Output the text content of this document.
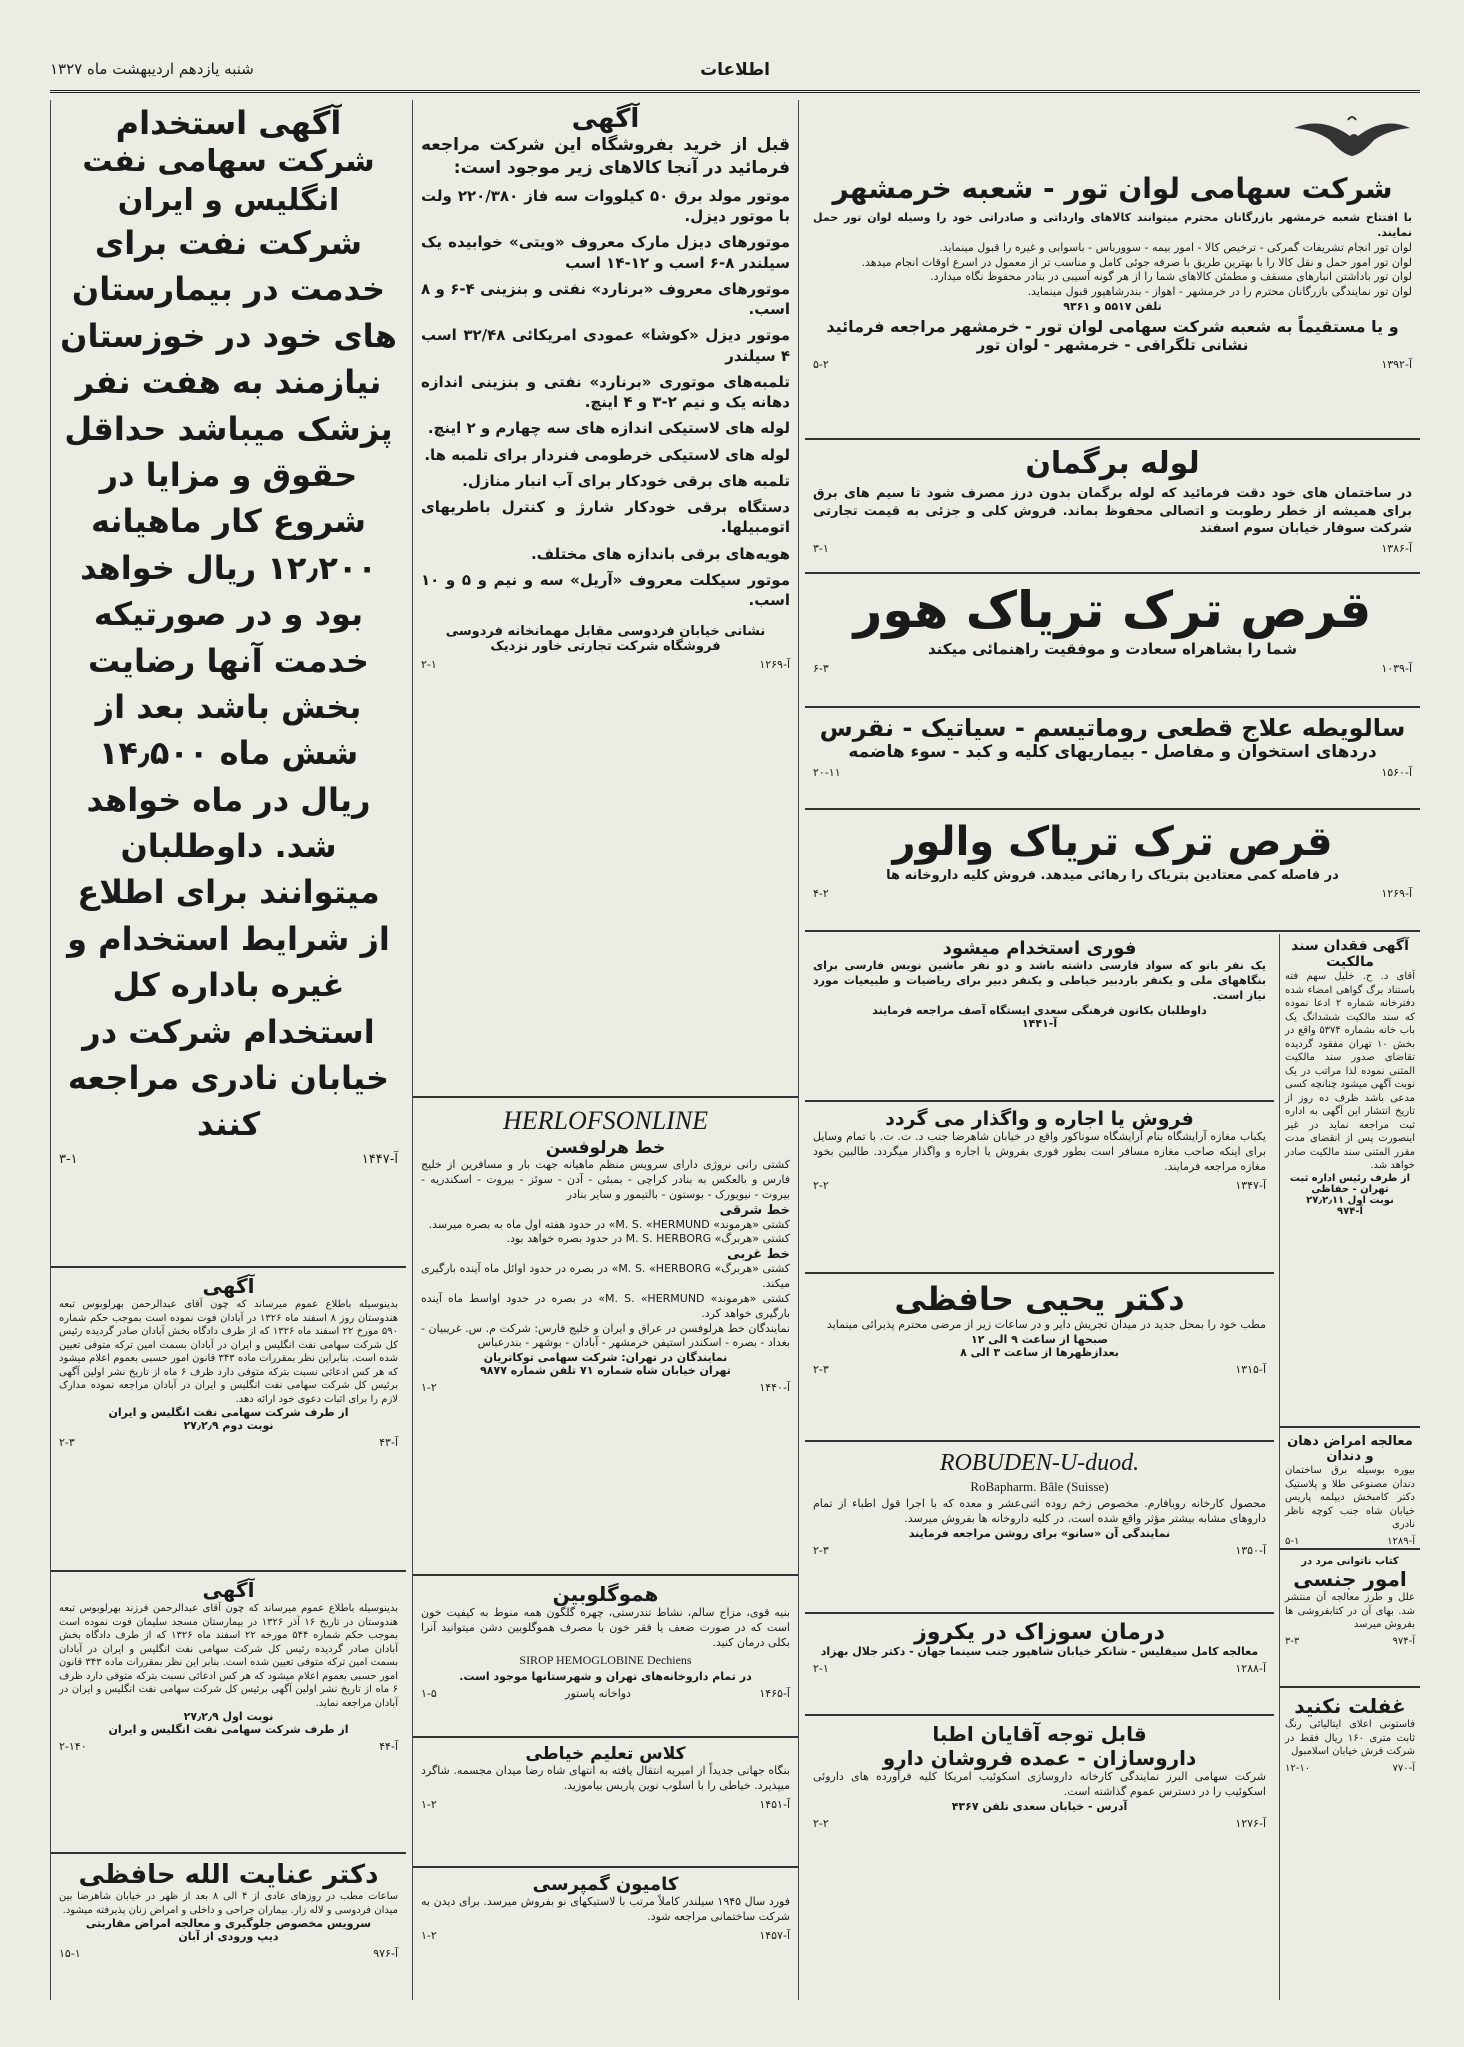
اطلاعات
شنبه یازدهم اردیبهشت ماه ۱۳۲۷

شرکت سهامی لوان تور - شعبه خرمشهر

با افتتاح شعبه خرمشهر بازرگانان محترم میتوانند کالاهای وارداتی و صادراتی خود را وسیله لوان تور حمل نمایند.

لوان تور انجام تشریفات گمرکی - ترخیص کالا - امور بیمه - سوورباس - باسوابی و غیره را قبول مینماید.

لوان تور امور حمل و نقل کالا را با بهترین طریق با صرفه جوئی کامل و مناسب تر از معمول در اسرع اوقات انجام میدهد.

لوان تور باداشتن انبارهای مسقف و مطمئن کالاهای شما را از هر گونه آسیبی در بنادر محفوظ نگاه میدارد.

لوان تور نمایندگی بازرگانان محترم را در خرمشهر - اهواز - بندرشاهپور قبول مینماید.

تلفن ۵۵۱۷ و ۹۳۶۱

و یا مستقیماً به شعبه شرکت سهامی لوان تور - خرمشهر مراجعه فرمائید

نشانی تلگرافی - خرمشهر - لوان تور

۵-۲	آ-۱۳۹۲

لوله برگمان

در ساختمان های خود دقت فرمائید که لوله برگمان بدون درز مصرف شود تا سیم های برق برای همیشه از خطر رطوبت و اتصالی محفوظ بماند. فروش کلی و جزئی به قیمت تجارتی شرکت سوفار خیابان سوم اسفند

۳-۱	آ-۱۳۸۶

قرص ترک تریاک هور

شما را بشاهراه سعادت و موفقیت راهنمائی میکند

۶-۳	آ-۱۰۳۹

سالویطه علاج قطعی روماتیسم - سیاتیک - نقرس

دردهای استخوان و مفاصل - بیماریهای کلیه و کبد - سوء هاضمه

۲۰-۱۱	آ-۱۵۶۰

قرص ترک تریاک والور

در فاصله کمی معتادین بتریاک را رهائی میدهد. فروش کلیه داروخانه ها

۴-۲	آ-۱۲۶۹

آگهی فقدان سند مالکیت

آقای د. ح. خلیل سهم فته باستناد برگ گواهی امضاء شده دفترخانه شماره ۲ ادعا نموده که سند مالکیت ششدانگ یک باب خانه بشماره ۵۳۷۴ واقع در بخش ۱۰ تهران مفقود گردیده تقاضای صدور سند مالکیت المثنی نموده لذا مراتب در یک نوبت آگهی میشود چنانچه کسی مدعی باشد ظرف ده روز از تاریخ انتشار این آگهی به اداره ثبت مراجعه نماید در غیر اینصورت پس از انقضای مدت مقرر المثنی سند مالکیت صادر خواهد شد.

از طرف رئیس اداره ثبت تهران - حفاظی

نوبت اول ۲۷٫۲٫۱۱

آ-۹۷۴

معالجه امراض دهان و دندان

بیوره بوسیله برق ساختمان دندان مصنوعی طلا و پلاستیک دکتر کامبخش دیپلمه پاریس خیابان شاه جنب کوچه ناظر نادری

۵-۱	آ-۱۲۸۹

کتاب ناتوانی مرد در

امور جنسی

علل و طرز معالجه آن منتشر شد. بهای آن در کتابفروشی ها بفروش میرسد

۳-۳	آ-۹۷۴

غفلت نکنید

فاستونی اعلای ایتالیائی رنگ ثابت متری ۱۶۰ ریال فقط در شرکت فرش خیابان اسلامبول

۱۲-۱۰	آ-۷۷۰

فوری استخدام میشود

یک نفر بانو که سواد فارسی داشته باشد و دو نفر ماشین نویس فارسی برای بنگاههای ملی و یکنفر باردبیر خیاطی و یکنفر دبیر برای ریاضیات و طبیعیات مورد نیاز است.

داوطلبان بکانون فرهنگی سعدی ایستگاه آصف مراجعه فرمایند

آ-۱۴۴۱

فروش یا اجاره و واگذار می گردد

یکباب مغازه آرایشگاه بنام آرایشگاه سوناکور واقع در خیابان شاهرضا جنب د. ت. ت. با تمام وسایل برای اینکه صاحب مغازه مسافر است بطور فوری بفروش یا اجاره و واگذار میگردد. طالبین بخود مغازه مراجعه فرمایند.

۲-۲	آ-۱۳۴۷

دکتر یحیی حافظی

مطب خود را بمحل جدید در میدان تجریش دایر و در ساعات زیر از مرضی محترم پذیرائی مینماید

صبحها از ساعت ۹ الی ۱۲

بعدازظهرها از ساعت ۳ الی ۸

۲-۳	آ-۱۳۱۵

ROBUDEN-U-duod.

RoBapharm. Bâle (Suisse)

محصول کارخانه روبافارم. مخصوص زخم روده اثنی‌عشر و معده که با اجرا قول اطباء از تمام داروهای مشابه بیشتر مؤثر واقع شده است. در کلیه داروخانه ها بفروش میرسد.

نمایندگی آن «سانو» برای روشن مراجعه فرمایند

۲-۳	آ-۱۳۵۰

درمان سوزاک در یکروز

معالجه کامل سیفلیس - شانکر خیابان شاهپور جنب سینما جهان - دکتر جلال بهزاد

۲-۱	آ-۱۲۸۸

قابل توجه آقایان اطبا

داروسازان - عمده فروشان دارو

شرکت سهامی البرز نمایندگی کارخانه داروسازی اسکوئیب امریکا کلیه فرآورده های داروئی اسکوئیب را در دسترس عموم گذاشته است.

آدرس - خیابان سعدی تلفن ۴۳۶۷

۲-۲	آ-۱۲۷۶

آگهی

قبل از خرید بفروشگاه این شرکت مراجعه فرمائید در آنجا کالاهای زیر موجود است:

موتور مولد برق ۵۰ کیلووات سه فاز ۲۲۰/۳۸۰ ولت با موتور دیزل.

موتورهای دیزل مارک معروف «ویتی» خوابیده یک سیلندر ۸-۶ اسب و ۱۲-۱۴ اسب

موتورهای معروف «برنارد» نفتی و بنزینی ۴-۶ و ۸ اسب.

موتور دیزل «کوشا» عمودی امریکائی ۳۲/۴۸ اسب ۴ سیلندر

تلمبه‌های موتوری «برنارد» نفتی و بنزینی اندازه دهانه یک و نیم ۲-۳ و ۴ اینچ.

لوله های لاستیکی اندازه های سه چهارم و ۲ اینچ.

لوله های لاستیکی خرطومی فنردار برای تلمبه ها.

تلمبه های برقی خودکار برای آب انبار منازل.

دستگاه برقی خودکار شارژ و کنترل باطریهای اتومبیلها.

هویه‌های برقی باندازه های مختلف.

موتور سیکلت معروف «آریل» سه و نیم و ۵ و ۱۰ اسب.

نشانی خیابان فردوسی مقابل مهمانخانه فردوسی

فروشگاه شرکت تجارتی خاور نزدیک

۲-۱	آ-۱۲۶۹

HERLOFSONLINE

خط هرلوفسن

کشتی رانی نروژی دارای سرویس منظم ماهیانه جهت بار و مسافرین از خلیج فارس و بالعکس به بنادر کراچی - بمبئی - آدن - سوئز - بیروت - اسکندریه - بیروت - نیویورک - بوستون - بالتیمور و سایر بنادر

خط شرقی

کشتی «هرموند» M. S. «HERMUND» در حدود هفته اول ماه به بصره میرسد.

کشتی «هربرگ» M. S. HERBORG در حدود بصره خواهد بود.

خط غربی

کشتی «هربرگ» M. S. «HERBORG» در بصره در حدود اوائل ماه آینده بارگیری میکند.

کشتی «هرموند» M. S. «HERMUND» در بصره در حدود اواسط ماه آینده بارگیری خواهد کرد.

نمایندگان خط هرلوفسن در عراق و ایران و خلیج فارس: شرکت م. س. غریبیان - بغداد - بصره - اسکندر استیفن خرمشهر - آبادان - بوشهر - بندرعباس

نمایندگان در تهران: شرکت سهامی توکاتریان

تهران خیابان شاه شماره ۷۱ تلفن شماره ۹۸۷۷

۱-۲	آ-۱۴۴۰

هموگلوبین

بنیه قوی، مزاج سالم، نشاط تندرستی، چهره گلگون همه منوط به کیفیت خون است که در صورت ضعف یا فقر خون با مصرف هموگلوبین دشن میتوانید آنرا بکلی درمان کنید.

SIROP HEMOGLOBINE Dechiens

در تمام داروخانه‌های تهران و شهرستانها موجود است.

۱-۵	دواخانه پاستور	آ-۱۴۶۵

کلاس تعلیم خیاطی

بنگاه جهانی جدیداً از امیریه انتقال یافته به انتهای شاه رضا میدان مجسمه. شاگرد میپذیرد. خیاطی را با اسلوب نوین پاریس بیاموزید.

۱-۲	آ-۱۴۵۱

کامیون گمپرسی

فورد سال ۱۹۴۵ سیلندر کاملاً مرتب با لاستیکهای نو بفروش میرسد. برای دیدن به شرکت ساختمانی مراجعه شود.

۱-۲	آ-۱۴۵۷

آگهی استخدام

شرکت سهامی نفت انگلیس و ایران

شرکت نفت برای خدمت در بیمارستان های خود در خوزستان نیازمند به هفت نفر پزشک میباشد حداقل حقوق و مزایا در شروع کار ماهیانه ۱۲٫۲۰۰ ریال خواهد بود و در صورتیکه خدمت آنها رضایت بخش باشد بعد از شش ماه ۱۴٫۵۰۰ ریال در ماه خواهد شد. داوطلبان میتوانند برای اطلاع از شرایط استخدام و غیره باداره کل استخدام شرکت در خیابان نادری مراجعه کنند

۳-۱	آ-۱۴۴۷

آگهی

بدینوسیله باطلاع عموم میرساند که چون آقای عبدالرحمن بهرلوبوس تبعه هندوستان روز ۸ اسفند ماه ۱۳۲۶ در آبادان فوت نموده است بموجب حکم شماره ۵۹۰ مورخ ۲۲ اسفند ماه ۱۳۲۶ که از طرف دادگاه بخش آبادان صادر گردیده رئیس کل شرکت سهامی نفت انگلیس و ایران در آبادان بسمت امین ترکه متوفی تعیین شده است. بنابراین نظر بمقررات ماده ۳۴۳ قانون امور حسبی بعموم اعلام میشود که هر کس ادعائی نسبت بترکه متوفی دارد ظرف ۶ ماه از تاریخ نشر اولین آگهی برئیس کل شرکت سهامی نفت انگلیس و ایران در آبادان مراجعه نموده مدارک لازم را برای اثبات دعوی خود ارائه دهد.

از طرف شرکت سهامی نفت انگلیس و ایران

نوبت دوم ۲۷٫۲٫۹

۲-۳	آ-۴۳

آگهی

بدینوسیله باطلاع عموم میرساند که چون آقای عبدالرحمن فرزند بهرلوبوس تبعه هندوستان در تاریخ ۱۶ آذر ۱۳۲۶ در بیمارستان مسجد سلیمان فوت نموده است بموجب حکم شماره ۵۴۴ مورخه ۲۲ اسفند ماه ۱۳۲۶ که از طرف دادگاه بخش آبادان صادر گردیده رئیس کل شرکت سهامی نفت انگلیس و ایران در آبادان بسمت امین ترکه متوفی تعیین شده است. بنابر این نظر بمقررات ماده ۳۴۳ قانون امور حسبی بعموم اعلام میشود که هر کس ادعائی نسبت بترکه متوفی دارد ظرف ۶ ماه از تاریخ نشر اولین آگهی برئیس کل شرکت سهامی نفت انگلیس و ایران در آبادان مراجعه نماید.

نوبت اول ۲۷٫۲٫۹

از طرف شرکت سهامی نفت انگلیس و ایران

۲-۱۴۰	آ-۴۴

دکتر عنایت الله حافظی

ساعات مطب در روزهای عادی از ۴ الی ۸ بعد از ظهر در خیابان شاهرضا بین میدان فردوسی و لاله زار. بیماران جراحی و داخلی و امراض زنان پذیرفته میشود.

سرویس مخصوص جلوگیری و معالجه امراض مقاربتی

دیپ ورودی از آبان

۱۵-۱	آ-۹۷۶
